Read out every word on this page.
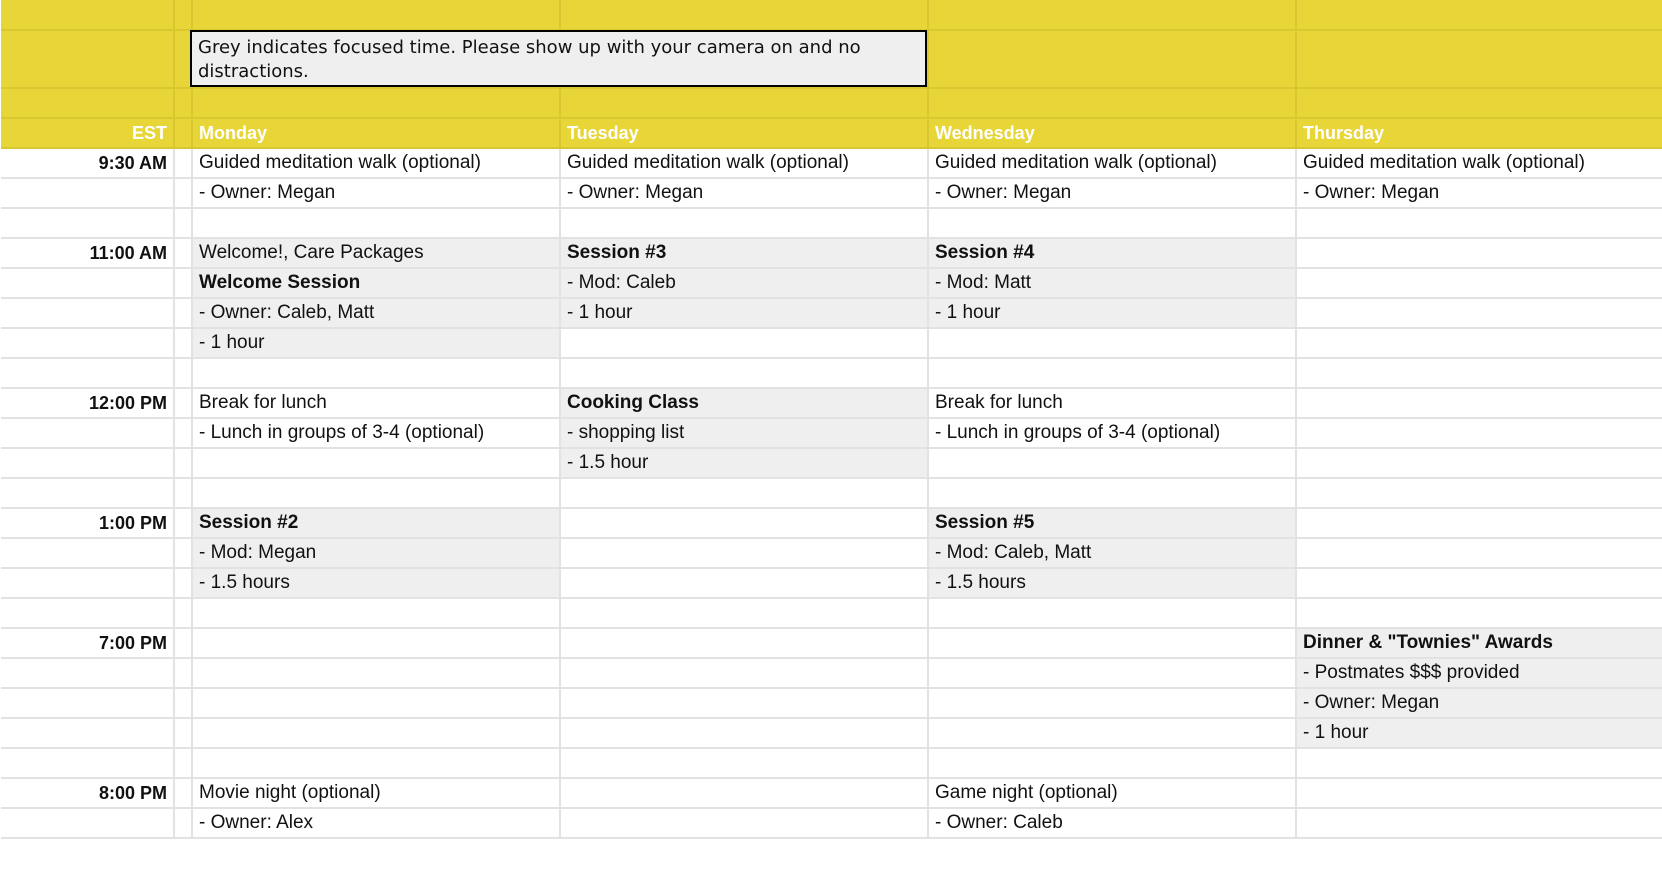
EST		Monday	Tuesday	Wednesday	Thursday
9:30 AM		Guided meditation walk (optional)	Guided meditation walk (optional)	Guided meditation walk (optional)	Guided meditation walk (optional)
		- Owner: Megan	- Owner: Megan	- Owner: Megan	- Owner: Megan

11:00 AM		Welcome!, Care Packages	Session #3	Session #4	
		Welcome Session	- Mod: Caleb	- Mod: Matt	
		- Owner: Caleb, Matt	- 1 hour	- 1 hour	
		- 1 hour			

12:00 PM		Break for lunch	Cooking Class	Break for lunch	
		- Lunch in groups of 3-4 (optional)	- shopping list	- Lunch in groups of 3-4 (optional)	
			- 1.5 hour		

1:00 PM		Session #2		Session #5	
		- Mod: Megan		- Mod: Caleb, Matt	
		- 1.5 hours		- 1.5 hours	

7:00 PM					Dinner & "Townies" Awards
					- Postmates $$$ provided
					- Owner: Megan
					- 1 hour

8:00 PM		Movie night (optional)		Game night (optional)	
		- Owner: Alex		- Owner: Caleb	
Grey indicates focused time. Please show up with your camera on and no distractions.
